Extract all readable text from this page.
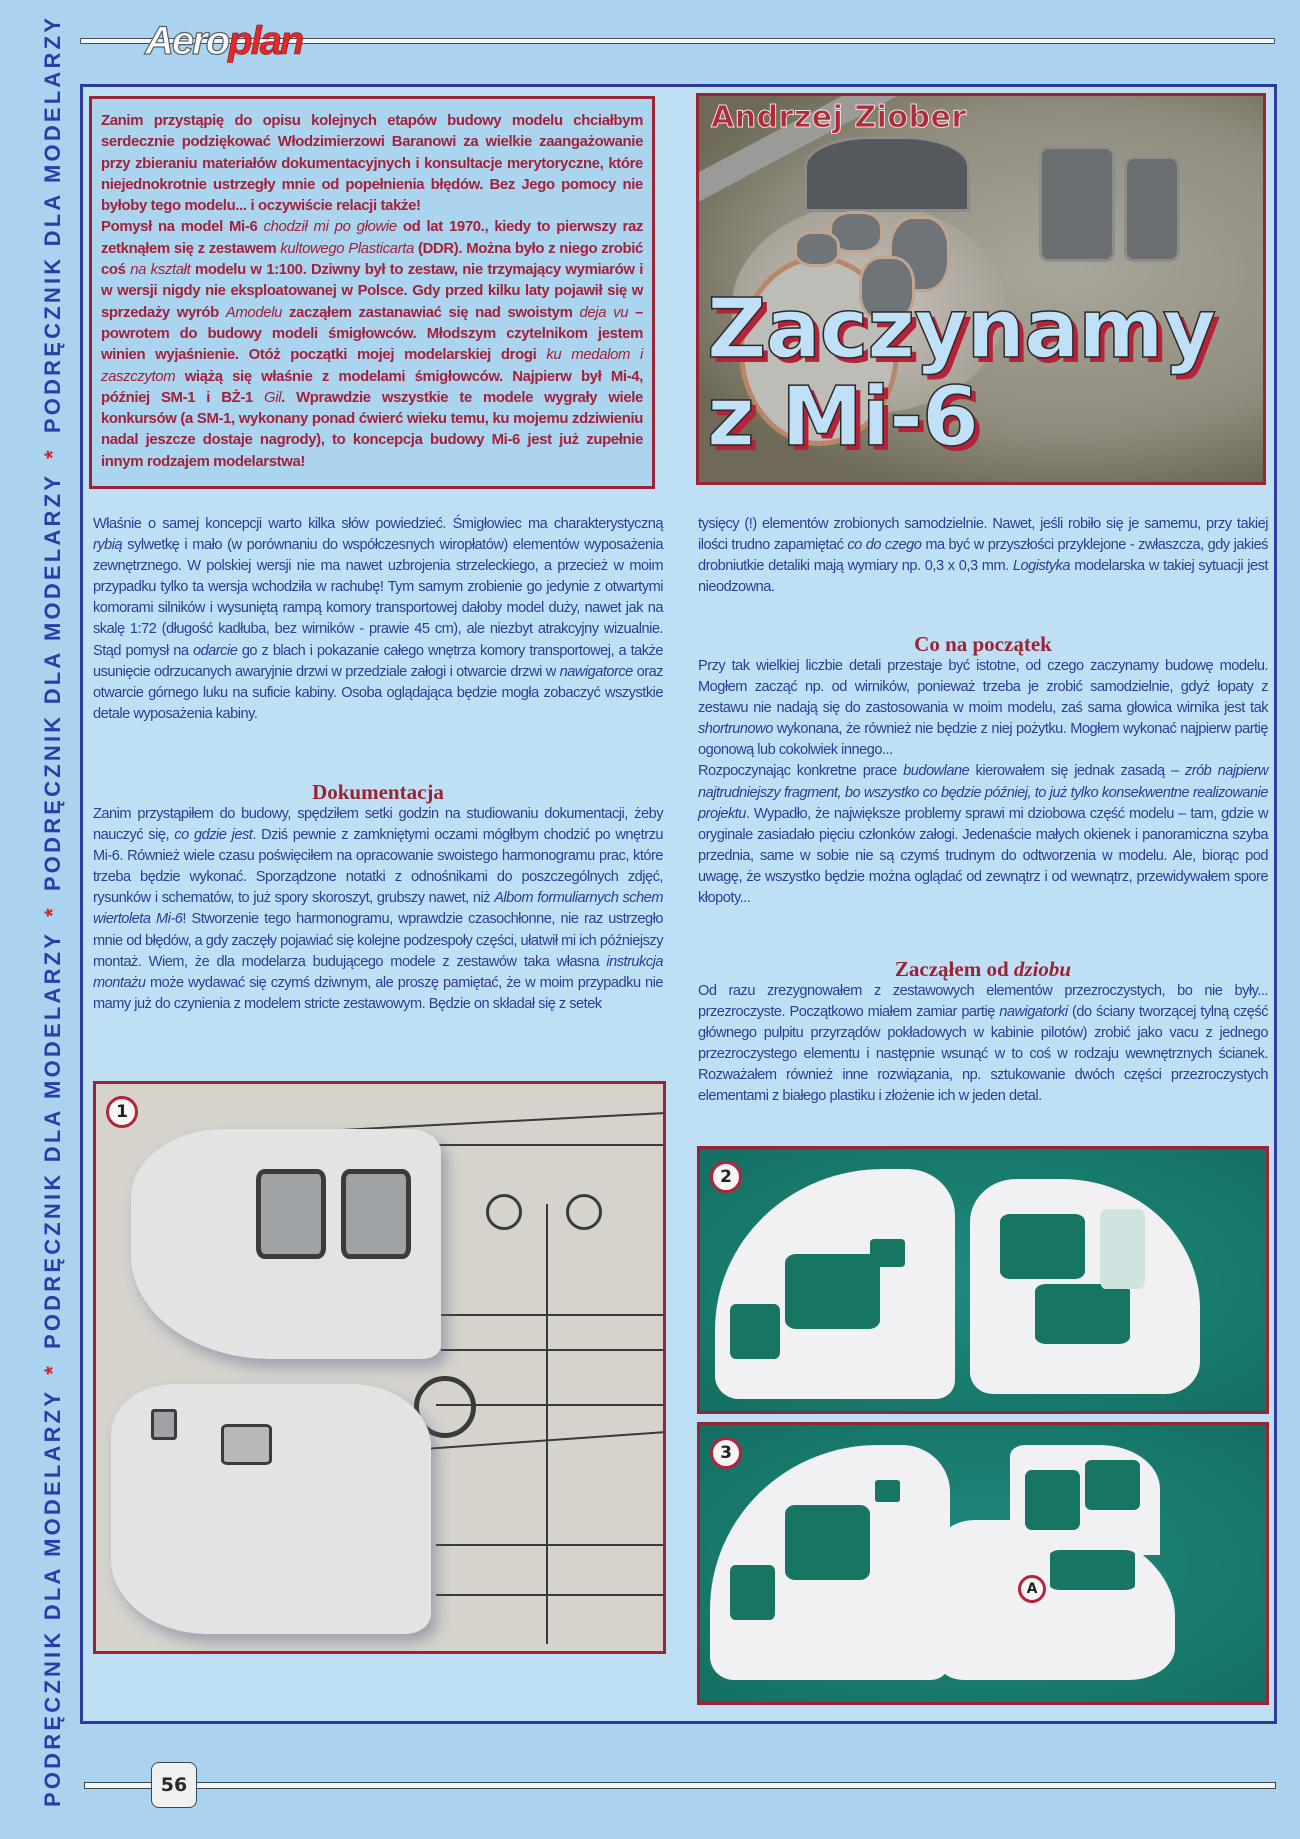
PODRĘCZNIK DLA MODELARZY*PODRĘCZNIK DLA MODELARZY*PODRĘCZNIK DLA MODELARZY*PODRĘCZNIK DLA MODELARZY Aeroplan

Zanim przystąpię do opisu kolejnych etapów budowy modelu chciałbym serdecznie podziękować Włodzimierzowi Baranowi za wielkie zaangażowanie przy zbieraniu materiałów dokumentacyjnych i konsultacje merytoryczne, które niejednokrotnie ustrzegły mnie od popełnienia błędów. Bez Jego pomocy nie byłoby tego modelu... i oczywiście relacji także!

Pomysł na model Mi-6 chodził mi po głowie od lat 1970., kiedy to pierwszy raz zetknąłem się z zestawem kultowego Plasticarta (DDR). Można było z niego zrobić coś na kształt modelu w 1:100. Dziwny był to zestaw, nie trzymający wymiarów i w wersji nigdy nie eksploatowanej w Polsce. Gdy przed kilku laty pojawił się w sprzedaży wyrób Amodelu zacząłem zastanawiać się nad swoistym deja vu – powrotem do budowy modeli śmigłowców. Młodszym czytelnikom jestem winien wyjaśnienie. Otóż początki mojej modelarskiej drogi ku medalom i zaszczytom wiążą się właśnie z modelami śmigłowców. Najpierw był Mi-4, później SM-1 i BŻ-1 Gil. Wprawdzie wszystkie te modele wygrały wiele konkursów (a SM-1, wykonany ponad ćwierć wieku temu, ku mojemu zdziwieniu nadal jeszcze dostaje nagrody), to koncepcja budowy Mi-6 jest już zupełnie innym rodzajem modelarstwa!

Andrzej Ziober
Zaczynamy
z Mi-6

Właśnie o samej koncepcji warto kilka słów powiedzieć. Śmigłowiec ma charakterystyczną rybią sylwetkę i mało (w porównaniu do współczesnych wiropłatów) elementów wyposażenia zewnętrznego. W polskiej wersji nie ma nawet uzbrojenia strzeleckiego, a przecież w moim przypadku tylko ta wersja wchodziła w rachubę! Tym samym zrobienie go jedynie z otwartymi komorami silników i wysuniętą rampą komory transportowej dałoby model duży, nawet jak na skalę 1:72 (długość kadłuba, bez wirników - prawie 45 cm), ale niezbyt atrakcyjny wizualnie. Stąd pomysł na odarcie go z blach i pokazanie całego wnętrza komory transportowej, a także usunięcie odrzucanych awaryjnie drzwi w przedziale załogi i otwarcie drzwi w nawigatorce oraz otwarcie górnego luku na suficie kabiny. Osoba oglądająca będzie mogła zobaczyć wszystkie detale wyposażenia kabiny.

Dokumentacja

Zanim przystąpiłem do budowy, spędziłem setki godzin na studiowaniu dokumentacji, żeby nauczyć się, co gdzie jest. Dziś pewnie z zamkniętymi oczami mógłbym chodzić po wnętrzu Mi-6. Również wiele czasu poświęciłem na opracowanie swoistego harmonogramu prac, które trzeba będzie wykonać. Sporządzone notatki z odnośnikami do poszczególnych zdjęć, rysunków i schematów, to już spory skoroszyt, grubszy nawet, niż Albom formuliarnych schem wiertoleta Mi-6! Stworzenie tego harmonogramu, wprawdzie czasochłonne, nie raz ustrzegło mnie od błędów, a gdy zaczęły pojawiać się kolejne podzespoły części, ułatwił mi ich późniejszy montaż. Wiem, że dla modelarza budującego modele z zestawów taka własna instrukcja montażu może wydawać się czymś dziwnym, ale proszę pamiętać, że w moim przypadku nie mamy już do czynienia z modelem stricte zestawowym. Będzie on składał się z setek

tysięcy (!) elementów zrobionych samodzielnie. Nawet, jeśli robiło się je samemu, przy takiej ilości trudno zapamiętać co do czego ma być w przyszłości przyklejone - zwłaszcza, gdy jakieś drobniutkie detaliki mają wymiary np. 0,3 x 0,3 mm. Logistyka modelarska w takiej sytuacji jest nieodzowna.

Co na początek

Przy tak wielkiej liczbie detali przestaje być istotne, od czego zaczynamy budowę modelu. Mogłem zacząć np. od wirników, ponieważ trzeba je zrobić samodzielnie, gdyż łopaty z zestawu nie nadają się do zastosowania w moim modelu, zaś sama głowica wirnika jest tak shortrunowo wykonana, że również nie będzie z niej pożytku. Mogłem wykonać najpierw partię ogonową lub cokolwiek innego...

Rozpoczynając konkretne prace budowlane kierowałem się jednak zasadą – zrób najpierw najtrudniejszy fragment, bo wszystko co będzie później, to już tylko konsekwentne realizowanie projektu. Wypadło, że największe problemy sprawi mi dziobowa część modelu – tam, gdzie w oryginale zasiadało pięciu członków załogi. Jedenaście małych okienek i panoramiczna szyba przednia, same w sobie nie są czymś trudnym do odtworzenia w modelu. Ale, biorąc pod uwagę, że wszystko będzie można oglądać od zewnątrz i od wewnątrz, przewidywałem spore kłopoty...

Zacząłem od dziobu

Od razu zrezygnowałem z zestawowych elementów przezroczystych, bo nie były... przezroczyste. Początkowo miałem zamiar partię nawigatorki (do ściany tworzącej tylną część głównego pulpitu przyrządów pokładowych w kabinie pilotów) zrobić jako vacu z jednego przezroczystego elementu i następnie wsunąć w to coś w rodzaju wewnętrznych ścianek. Rozważałem również inne rozwiązania, np. sztukowanie dwóch części przezroczystych elementami z białego plastiku i złożenie ich w jeden detal.

1
2
3
A
56
